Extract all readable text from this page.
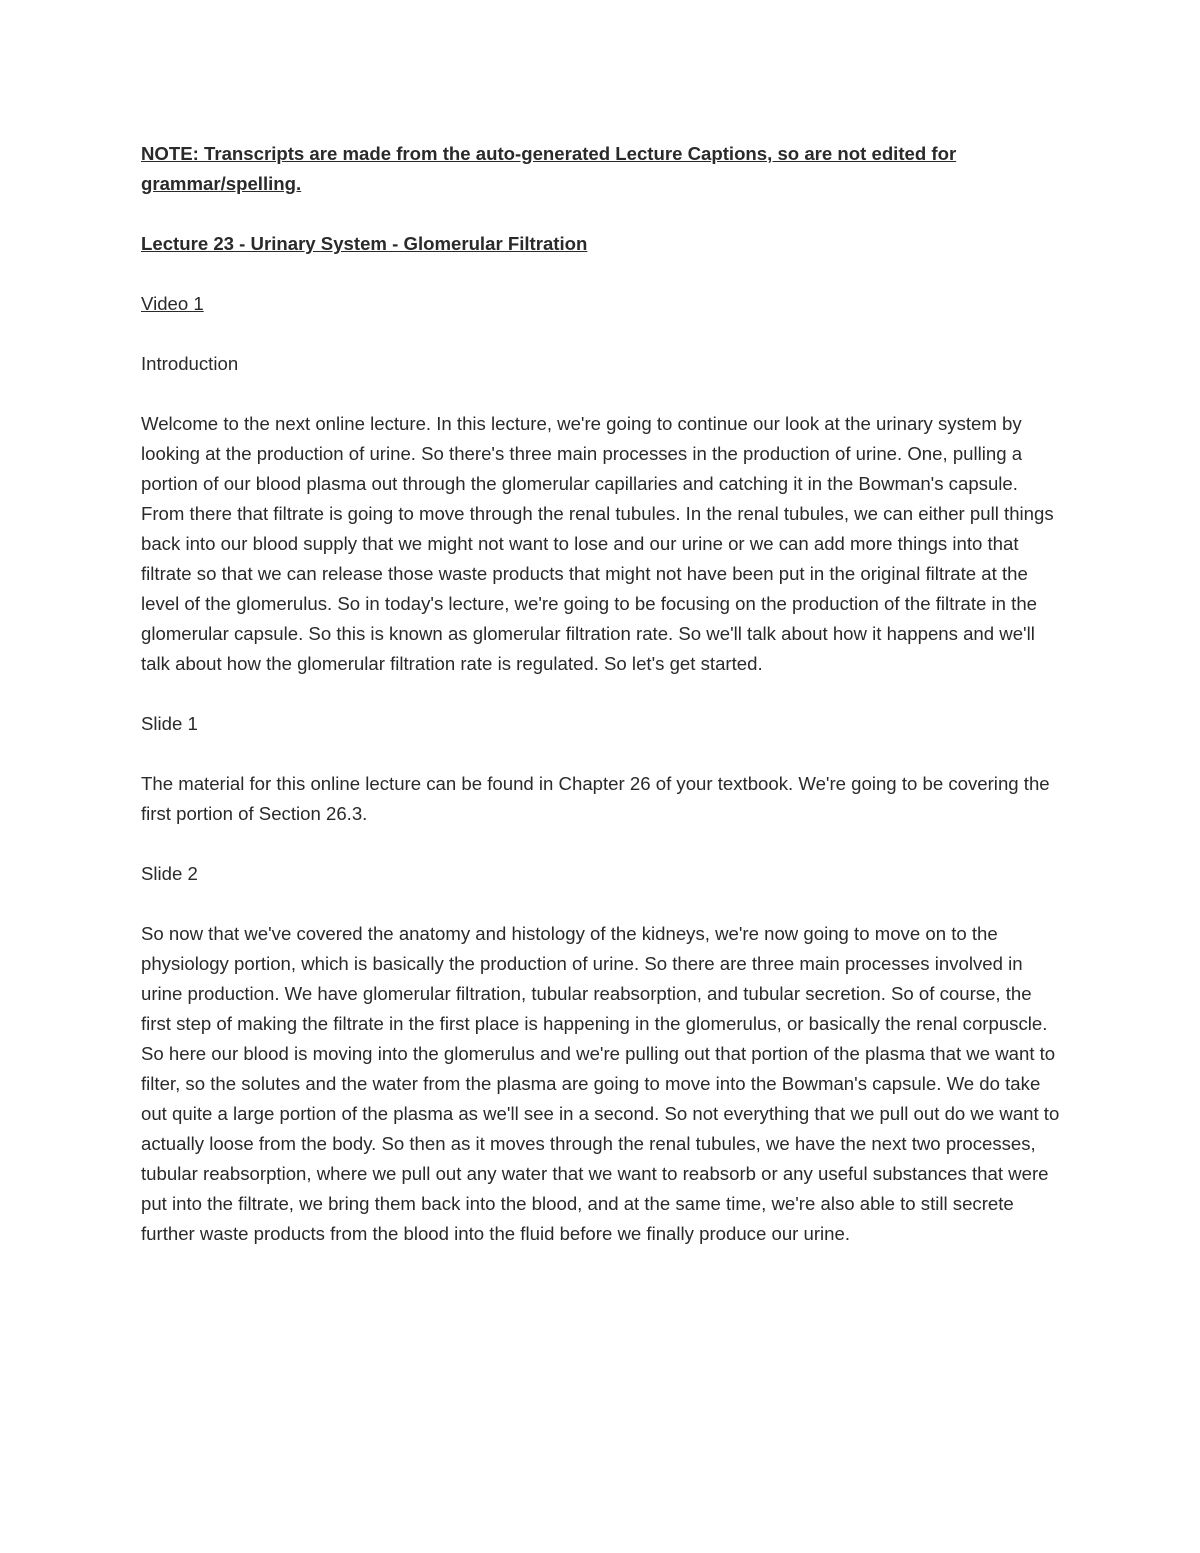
NOTE: Transcripts are made from the auto-generated Lecture Captions, so are not edited for grammar/spelling.

Lecture 23 - Urinary System - Glomerular Filtration

Video 1

Introduction

Welcome to the next online lecture. In this lecture, we're going to continue our look at the urinary system by looking at the production of urine. So there's three main processes in the production of urine. One, pulling a portion of our blood plasma out through the glomerular capillaries and catching it in the Bowman's capsule. From there that filtrate is going to move through the renal tubules. In the renal tubules, we can either pull things back into our blood supply that we might not want to lose and our urine or we can add more things into that filtrate so that we can release those waste products that might not have been put in the original filtrate at the level of the glomerulus. So in today's lecture, we're going to be focusing on the production of the filtrate in the glomerular capsule. So this is known as glomerular filtration rate. So we'll talk about how it happens and we'll talk about how the glomerular filtration rate is regulated. So let's get started.

Slide 1

The material for this online lecture can be found in Chapter 26 of your textbook. We're going to be covering the first portion of Section 26.3.

Slide 2

So now that we've covered the anatomy and histology of the kidneys, we're now going to move on to the physiology portion, which is basically the production of urine. So there are three main processes involved in urine production. We have glomerular filtration, tubular reabsorption, and tubular secretion. So of course, the first step of making the filtrate in the first place is happening in the glomerulus, or basically the renal corpuscle. So here our blood is moving into the glomerulus and we're pulling out that portion of the plasma that we want to filter, so the solutes and the water from the plasma are going to move into the Bowman's capsule. We do take out quite a large portion of the plasma as we'll see in a second. So not everything that we pull out do we want to actually loose from the body. So then as it moves through the renal tubules, we have the next two processes, tubular reabsorption, where we pull out any water that we want to reabsorb or any useful substances that were put into the filtrate, we bring them back into the blood, and at the same time, we're also able to still secrete further waste products from the blood into the fluid before we finally produce our urine.
